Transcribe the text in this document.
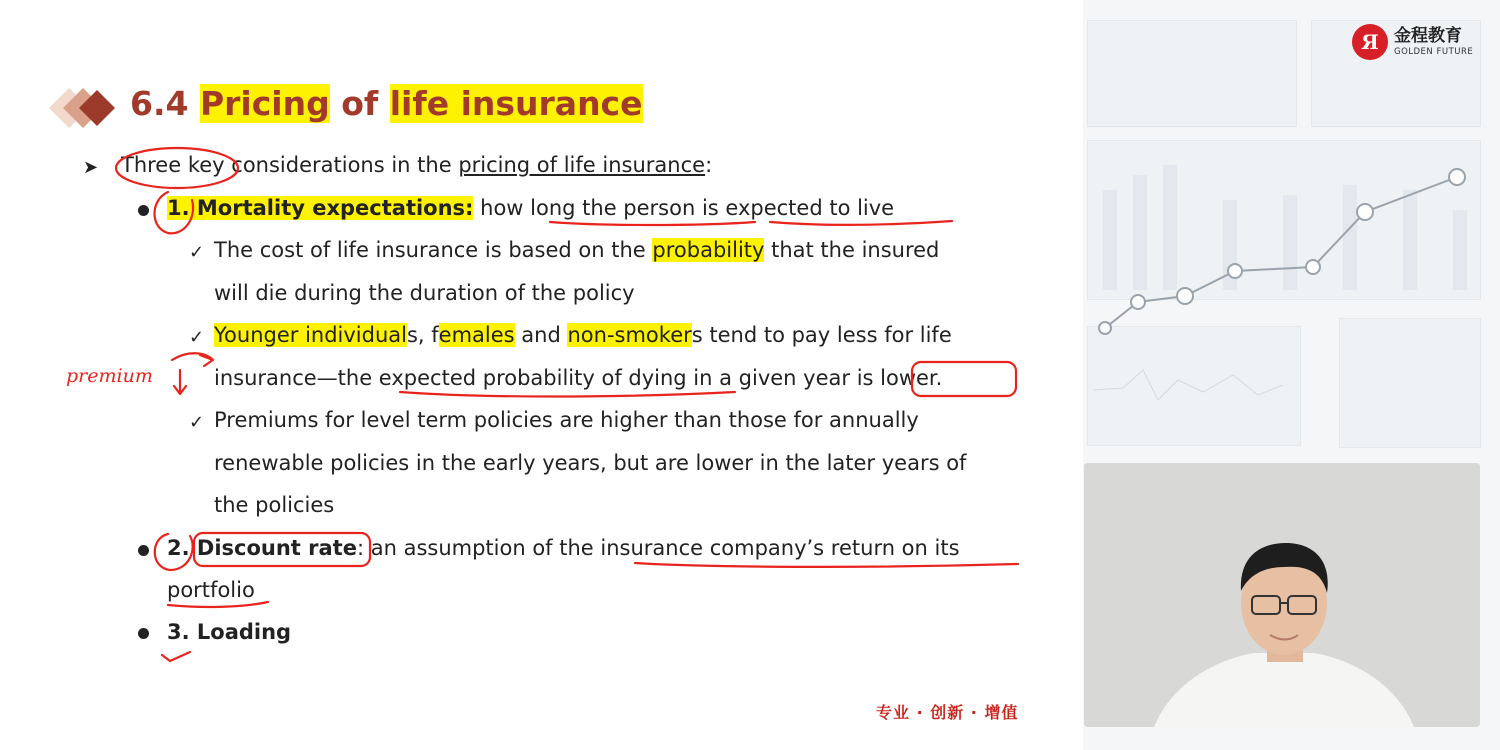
Я 金程教育
GOLDEN FUTURE
6.4 Pricing of life insurance
➤ Three key considerations in the pricing of life insurance:
1. Mortality expectations: how long the person is expected to live
✓ The cost of life insurance is based on the probability that the insured
will die during the duration of the policy
✓ Younger individuals, females and non-smokers tend to pay less for life
insurance—the expected probability of dying in a given year is lower.
✓ Premiums for level term policies are higher than those for annually
renewable policies in the early years, but are lower in the later years of
the policies
2. Discount rate: an assumption of the insurance company’s return on its
portfolio
3. Loading
专业 · 创新 · 增值
premium
